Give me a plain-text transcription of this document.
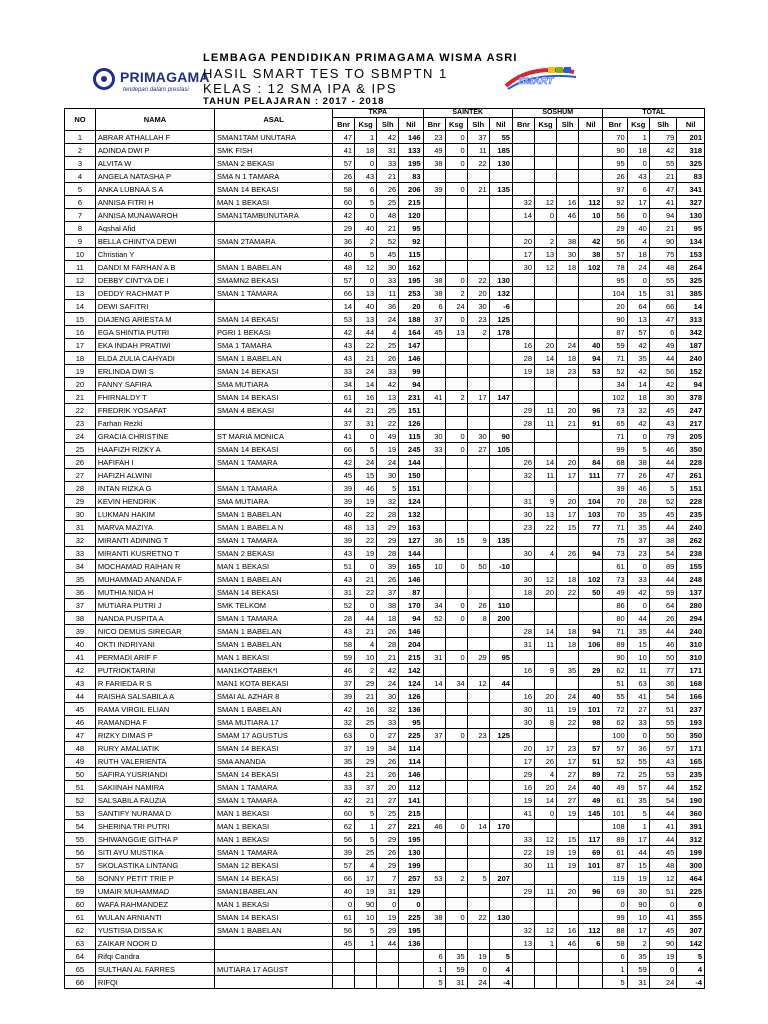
PRIMAGAMA
tendepan dalam prestasi
LEMBAGA PENDIDIKAN PRIMAGAMA WISMA ASRI
HASIL SMART TES TO SBMPTN 1
KELAS : 12 SMA IPA & IPS
TAHUN PELAJARAN : 2017 - 2018
SMART
NO	NAMA	ASAL	TKPA				SAINTEK				SOSHUM				TOTAL			
			Bnr	Ksg	Slh	Nil	Bnr	Ksg	Slh	Nil	Bnr	Ksg	Slh	Nil	Bnr	Ksg	Slh	Nil
1	ABRAR ATHALLAH F	SMAN1TAM UNUTARA	47	1	42	146	23	0	37	55					70	1	79	201
2	ADINDA DWI P	SMK FISH	41	18	31	133	49	0	11	185					90	18	42	318
3	ALVITA W	SMAN 2 BEKASI	57	0	33	195	38	0	22	130					95	0	55	325
4	ANGELA NATASHA P	SMA N 1 TAMARA	26	43	21	83									26	43	21	83
5	ANKA LUBNAA S A	SMAN 14 BEKASI	58	6	26	206	39	0	21	135					97	6	47	341
6	ANNISA FITRI H	MAN 1 BEKASI	60	5	25	215					32	12	16	112	92	17	41	327
7	ANNISA MUNAWAROH	SMAN1TAMBUNUTARA	42	0	48	120					14	0	46	10	56	0	94	130
8	Aqshal Afid		29	40	21	95									29	40	21	95
9	BELLA CHINTYA DEWI	SMAN 2TAMARA	36	2	52	92					20	2	38	42	56	4	90	134
10	Christian Y		40	5	45	115					17	13	30	38	57	18	75	153
11	DANDI M FARHAN A B	SMAN 1 BABELAN	48	12	30	162					30	12	18	102	78	24	48	264
12	DEBBY CINTYA DE I	SMAMN2 BEKASI	57	0	33	195	38	0	22	130					95	0	55	325
13	DEDDY RACHMAT P	SMAN 1 TAMARA	66	13	11	253	38	2	20	132					104	15	31	385
14	DEWI SAFITRI		14	40	36	20	6	24	30	-6					20	64	66	14
15	DIAJENG ARIESTA M	SMAN 14 BEKASI	53	13	24	188	37	0	23	125					90	13	47	313
16	EGA SHINTIA PUTRI	PGRI 1 BEKASI	42	44	4	164	45	13	2	178					87	57	6	342
17	EKA INDAH PRATIWI	SMA 1 TAMARA	43	22	25	147					16	20	24	40	59	42	49	187
18	ELDA ZULIA CAHYADI	SMAN 1 BABELAN	43	21	26	146					28	14	18	94	71	35	44	240
19	ERLINDA DWI S	SMAN 14 BEKASI	33	24	33	99					19	18	23	53	52	42	56	152
20	FANNY SAFIRA	SMA MUTIARA	34	14	42	94									34	14	42	94
21	FHIRNALDY T	SMAN 14 BEKASI	61	16	13	231	41	2	17	147					102	18	30	378
22	FREDRIK YOSAFAT	SMAN 4 BEKASI	44	21	25	151					29	11	20	96	73	32	45	247
23	Farhan Rezki		37	31	22	126					28	11	21	91	65	42	43	217
24	GRACIA CHRISTINE	ST MARIA MONICA	41	0	49	115	30	0	30	90					71	0	79	205
25	HAAFIZH RIZKY A	SMAN 14 BEKASI	66	5	19	245	33	0	27	105					99	5	46	350
26	HAFIFAH I	SMAN 1 TAMARA	42	24	24	144					26	14	20	84	68	38	44	228
27	HAFIZH ALWINI		45	15	30	150					32	11	17	111	77	26	47	261
28	INTAN RIZKA G	SMAN 1 TAMARA	39	46	5	151									39	46	5	151
29	KEVIN HENDRIK	SMA MUTIARA	39	19	32	124					31	9	20	104	70	28	52	228
30	LUKMAN HAKIM	SMAN 1 BABELAN	40	22	28	132					30	13	17	103	70	35	45	235
31	MARVA MAZIYA	SMAN 1 BABELA N	48	13	29	163					23	22	15	77	71	35	44	240
32	MIRANTI ADINING T	SMAN 1 TAMARA	39	22	29	127	36	15	9	135					75	37	38	262
33	MIRANTI KUSRETNO T	SMAN 2 BEKASI	43	19	28	144					30	4	26	94	73	23	54	238
34	MOCHAMAD RAIHAN R	MAN 1 BEKASI	51	0	39	165	10	0	50	-10					61	0	89	155
35	MUHAMMAD ANANDA F	SMAN 1 BABELAN	43	21	26	146					30	12	18	102	73	33	44	248
36	MUTHIA NIDA H	SMAN 14 BEKASI	31	22	37	87					18	20	22	50	49	42	59	137
37	MUTIARA PUTRI J	SMK TELKOM	52	0	38	170	34	0	26	110					86	0	64	280
38	NANDA PUSPITA A	SMAN 1 TAMARA	28	44	18	94	52	0	8	200					80	44	26	294
39	NICO DEMUS SIREGAR	SMAN 1 BABELAN	43	21	26	146					28	14	18	94	71	35	44	240
40	OKTI INDRIYANI	SMAN 1 BABELAN	58	4	28	204					31	11	18	106	89	15	46	310
41	PERMADI ARIF F	MAN 1 BEKASI	59	10	21	215	31	0	29	95					90	10	50	310
42	PUTRIOKTARINI	MAN1KOTABEK*I	46	2	42	142					16	9	35	29	62	11	77	171
43	R FARIEDA R S	MAN1 KOTA BEKASI	37	29	24	124	14	34	12	44					51	63	36	168
44	RAISHA SALSABILA A	SMAI AL AZHAR 8	39	21	30	126					16	20	24	40	55	41	54	166
45	RAMA VIRGIL ELIAN	SMAN 1 BABELAN	42	16	32	136					30	11	19	101	72	27	51	237
46	RAMANDHA F	SMA MUTIARA 17	32	25	33	95					30	8	22	98	62	33	55	193
47	RIZKY DIMAS P	SMAM 17 AGUSTUS	63	0	27	225	37	0	23	125					100	0	50	350
48	RURY AMALIATIK	SMAN 14 BEKASI	37	19	34	114					20	17	23	57	57	36	57	171
49	RUTH VALERIENTA	SMA ANANDA	35	29	26	114					17	26	17	51	52	55	43	165
50	SAFIRA YUSRIANDI	SMAN 14 BEKASI	43	21	26	146					29	4	27	89	72	25	53	235
51	SAKIINAH NAMIRA	SMAN 1 TAMARA	33	37	20	112					16	20	24	40	49	57	44	152
52	SALSABILA FAUZIA	SMAN 1 TAMARA	42	21	27	141					19	14	27	49	61	35	54	190
53	SANTIFY NURAMA D	MAN 1 BEKASI	60	5	25	215					41	0	19	145	101	5	44	360
54	SHERINA TRI PUTRI	MAN 1 BEKASI	62	1	27	221	46	0	14	170					108	1	41	391
55	SHIWANGGIE GITHA P	MAN 1 BEKASI	56	5	29	195					33	12	15	117	89	17	44	312
56	SITI AYU MUSTIKA	SMAN 1 TAMARA	39	25	26	130					22	19	19	69	61	44	45	199
57	SKOLASTIKA LINTANG	SMAN 12 BEKASI	57	4	29	199					30	11	19	101	87	15	48	300
58	SONNY PETIT TRIE P	SMAN 14 BEKASI	66	17	7	257	53	2	5	207					119	19	12	464
59	UMAIR MUHAMMAD	SMAN1BABELAN	40	19	31	129					29	11	20	96	69	30	51	225
60	WAFA RAHMANDEZ	MAN 1 BEKASI	0	90	0	0									0	90	0	0
61	WULAN ARNIANTI	SMAN 14 BEKASI	61	10	19	225	38	0	22	130					99	10	41	355
62	YUSTISIA DISSA K	SMAN 1 BABELAN	56	5	29	195					32	12	16	112	88	17	45	307
63	ZAIKAR NOOR D		45	1	44	136					13	1	46	6	58	2	90	142
64	Rifqi Candra						6	35	19	5					6	35	19	5
65	SULTHAN AL FARRES	MUTIARA 17 AGUST					1	59	0	4					1	59	0	4
66	RIFQI						5	31	24	-4					5	31	24	-4
